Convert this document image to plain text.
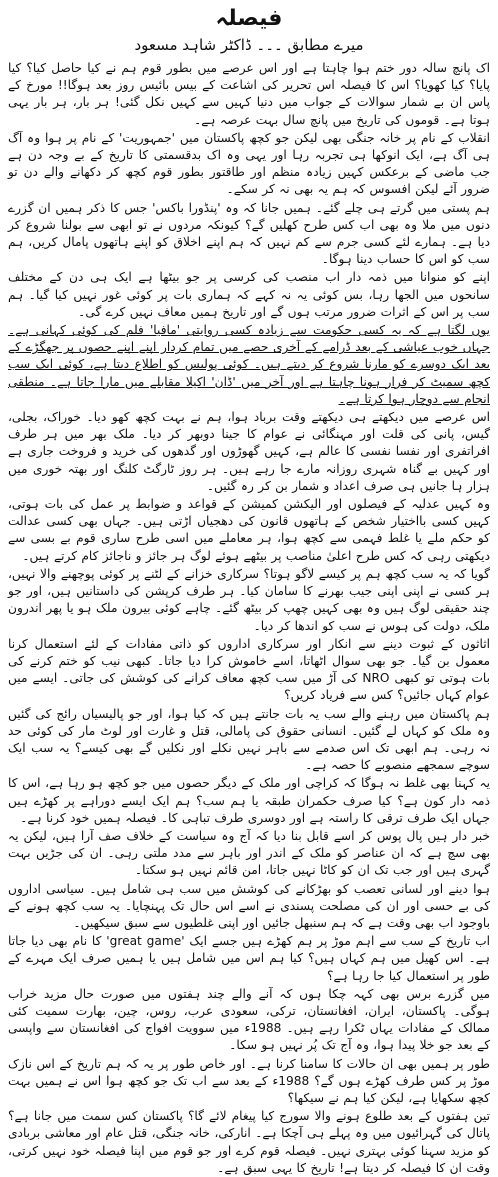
فیصلہ

میرے مطابق ۔۔۔ ڈاکٹر شاہد مسعود

اک پانچ سالہ دور ختم ہوا چاہتا ہے اور اس عرصے میں بطور قوم ہم نے کیا حاصل کیا؟ کیا پایا؟ کیا کھویا؟ اس کا فیصلہ اس تحریر کی اشاعت کے بیس بائیس روز بعد ہوگا!! مورخ کے پاس ان بے شمار سوالات کے جواب میں دنیا کہیں سے کہیں نکل گئی! ہر بار، ہر بار یہی ہوتا ہے۔ قوموں کی تاریخ میں پانچ سال بہت عرصہ ہے۔

انقلاب کے نام پر خانہ جنگی بھی لیکن جو کچھ پاکستان میں 'جمہوریت' کے نام پر ہوا وہ آگ ہی آگ ہے، ایک انوکھا ہی تجربہ رہا اور یہی وہ اک بدقسمتی کا تاریخ کے بے وجہ دن ہے جب ماضی کے برعکس کہیں زیادہ منظم اور طاقتور بطور قوم کچھ کر دکھانے والے دن تو ضرور آئے لیکن افسوس کہ ہم یہ بھی نہ کر سکے۔

ہم پستی میں گرتے ہی چلے گئے۔ ہمیں جانا کہ وہ 'پنڈورا باکس' جس کا ذکر ہمیں ان گزرے دنوں میں ملا وہ بھی اب کس طرح کھلیں گے؟ کیونکہ مردوں نے تو ابھی سے بولنا شروع کر دیا ہے۔ ہمارے لئے کسی جرم سے کم نہیں کہ ہم اپنے اخلاق کو اپنے ہاتھوں پامال کریں، ہم سب کو اس کا حساب دینا ہوگا۔

اپنے کو منوانا میں ذمہ دار اب منصب کی کرسی پر جو بیٹھا ہے ایک ہی دن کے مختلف سانحوں میں الجھا رہا، بس کوئی یہ نہ کہے کہ ہماری بات پر کوئی غور نہیں کیا گیا۔ ہم سب پر اس کے اثرات ضرور مرتب ہوں گے اور تاریخ ہمیں معاف نہیں کرے گی۔

یوں لگتا ہے کہ یہ کسی حکومت سے زیادہ کسی روایتی 'مافیا' فلم کی کوئی کہانی ہے۔ جہاں خوب عیاشی کے بعد ڈرامے کے آخری حصے میں تمام کردار اپنے اپنے حصوں پر جھگڑے کے بعد ایک دوسرے کو مارنا شروع کر دیتے ہیں۔ کوئی پولیس کو اطلاع دیتا ہے، کوئی ایک سب کچھ سمیٹ کر فرار ہونا چاہتا ہے اور آخر میں 'ڈان' اکیلا مقابلے میں مارا جاتا ہے۔ منطقی انجام سے دوچار ہوا کرتا ہے۔

اس عرصے میں دیکھتے ہی دیکھتے وقت برباد ہوا، ہم نے بہت کچھ کھو دیا۔ خوراک، بجلی، گیس، پانی کی قلت اور مہنگائی نے عوام کا جینا دوبھر کر دیا۔ ملک بھر میں ہر طرف افراتفری اور نفسا نفسی کا عالم ہے، کہیں گھوڑوں اور گدھوں کی خرید و فروخت جاری ہے اور کہیں بے گناہ شہری روزانہ مارے جا رہے ہیں۔ ہر روز ٹارگٹ کلنگ اور بھتہ خوری میں ہزار ہا جانیں ہی صرف اعداد و شمار بن کر رہ گئیں۔

وہ کہیں عدلیہ کے فیصلوں اور الیکشن کمیشن کے قواعد و ضوابط پر عمل کی بات ہوتی، کہیں کسی بااختیار شخص کے ہاتھوں قانون کی دھجیاں اڑتی ہیں۔ جہاں بھی کسی عدالت کو حکم ملے یا غلط فہمی سے کچھ ہوا، ہر معاملے میں اسی طرح ساری قوم بے بسی سے دیکھتی رہی کہ کس طرح اعلیٰ مناصب پر بیٹھے ہوئے لوگ ہر جائز و ناجائز کام کرتے ہیں۔

گویا کہ یہ سب کچھ ہم پر کیسے لاگو ہوتا؟ سرکاری خزانے کے لٹنے پر کوئی پوچھنے والا نہیں، ہر کسی نے اپنی اپنی جیب بھرنے کا سامان کیا۔ ہر طرف کرپشن کی داستانیں ہیں، اور جو چند حقیقی لوگ ہیں وہ بھی کہیں چھپ کر بیٹھ گئے۔ چاہے کوئی بیرون ملک ہو یا پھر اندرون ملک، دولت کی ہوس نے سب کو اندھا کر دیا۔

اثاثوں کے ثبوت دینے سے انکار اور سرکاری اداروں کو ذاتی مفادات کے لئے استعمال کرنا معمول بن گیا۔ جو بھی سوال اٹھاتا، اسے خاموش کرا دیا جاتا۔ کبھی نیب کو ختم کرنے کی بات ہوتی تو کبھی NRO کی آڑ میں سب کچھ معاف کرانے کی کوشش کی جاتی۔ ایسے میں عوام کہاں جائیں؟ کس سے فریاد کریں؟

ہم پاکستان میں رہنے والے سب یہ بات جانتے ہیں کہ کیا ہوا، اور جو پالیسیاں رائج کی گئیں وہ ملک کو کہاں لے گئیں۔ انسانی حقوق کی پامالی، قتل و غارت اور لوٹ مار کی کوئی حد نہ رہی۔ ہم ابھی تک اس صدمے سے باہر نہیں نکلے اور نکلیں گے بھی کیسے؟ یہ سب ایک سوچے سمجھے منصوبے کا حصہ ہے۔

یہ کہنا بھی غلط نہ ہوگا کہ کراچی اور ملک کے دیگر حصوں میں جو کچھ ہو رہا ہے، اس کا ذمہ دار کون ہے؟ کیا صرف حکمران طبقہ یا ہم سب؟ ہم ایک ایسے دوراہے پر کھڑے ہیں جہاں ایک طرف ترقی کا راستہ ہے اور دوسری طرف تباہی کا۔ فیصلہ ہمیں خود کرنا ہے۔

خبر دار ہیں پال پوس کر اسے قابل بنا دیا کہ آج وہ سیاست کے خلاف صف آرا ہیں، لیکن یہ بھی سچ ہے کہ ان عناصر کو ملک کے اندر اور باہر سے مدد ملتی رہی۔ ان کی جڑیں بہت گہری ہیں اور جب تک ان کو کاٹا نہیں جاتا، امن قائم نہیں ہو سکتا۔

ہوا دینے اور لسانی تعصب کو بھڑکانے کی کوشش میں سب ہی شامل ہیں۔ سیاسی اداروں کی بے حسی اور ان کی مصلحت پسندی نے اسے اس حال تک پہنچایا۔ یہ سب کچھ ہونے کے باوجود اب بھی وقت ہے کہ ہم سنبھل جائیں اور اپنی غلطیوں سے سبق سیکھیں۔

اب تاریخ کے سب سے اہم موڑ پر ہم کھڑے ہیں جسے ایک 'great game' کا نام بھی دیا جاتا ہے۔ اس کھیل میں ہم کہاں ہیں؟ کیا ہم اس میں شامل ہیں یا ہمیں صرف ایک مہرے کے طور پر استعمال کیا جا رہا ہے؟

میں گزرے برس بھی کہہ چکا ہوں کہ آنے والے چند ہفتوں میں صورت حال مزید خراب ہوگی۔ پاکستان، ایران، افغانستان، ترکی، سعودی عرب، روس، چین، بھارت سمیت کئی ممالک کے مفادات یہاں ٹکرا رہے ہیں۔ 1988ء میں سوویت افواج کی افغانستان سے واپسی کے بعد جو خلا پیدا ہوا، وہ آج تک پُر نہیں ہو سکا۔

طور پر ہمیں بھی ان حالات کا سامنا کرنا ہے۔ اور خاص طور پر یہ کہ ہم تاریخ کے اس نازک موڑ پر کس طرف کھڑے ہوں گے؟ 1988ء کے بعد سے اب تک جو کچھ ہوا اس نے ہمیں بہت کچھ سکھایا ہے، لیکن کیا ہم نے سیکھا؟

تین ہفتوں کے بعد طلوع ہونے والا سورج کیا پیغام لائے گا؟ پاکستان کس سمت میں جانا ہے؟ پاتال کی گہرائیوں میں وہ پہلے ہی آچکا ہے۔ انارکی، خانہ جنگی، قتل عام اور معاشی بربادی کو مزید سہنا کوئی بہتری نہیں۔ فیصلہ قوم کرے اور جو قوم میں اپنا فیصلہ خود نہیں کرتی، وقت ان کا فیصلہ کر دیتا ہے! تاریخ کا یہی سبق ہے۔
